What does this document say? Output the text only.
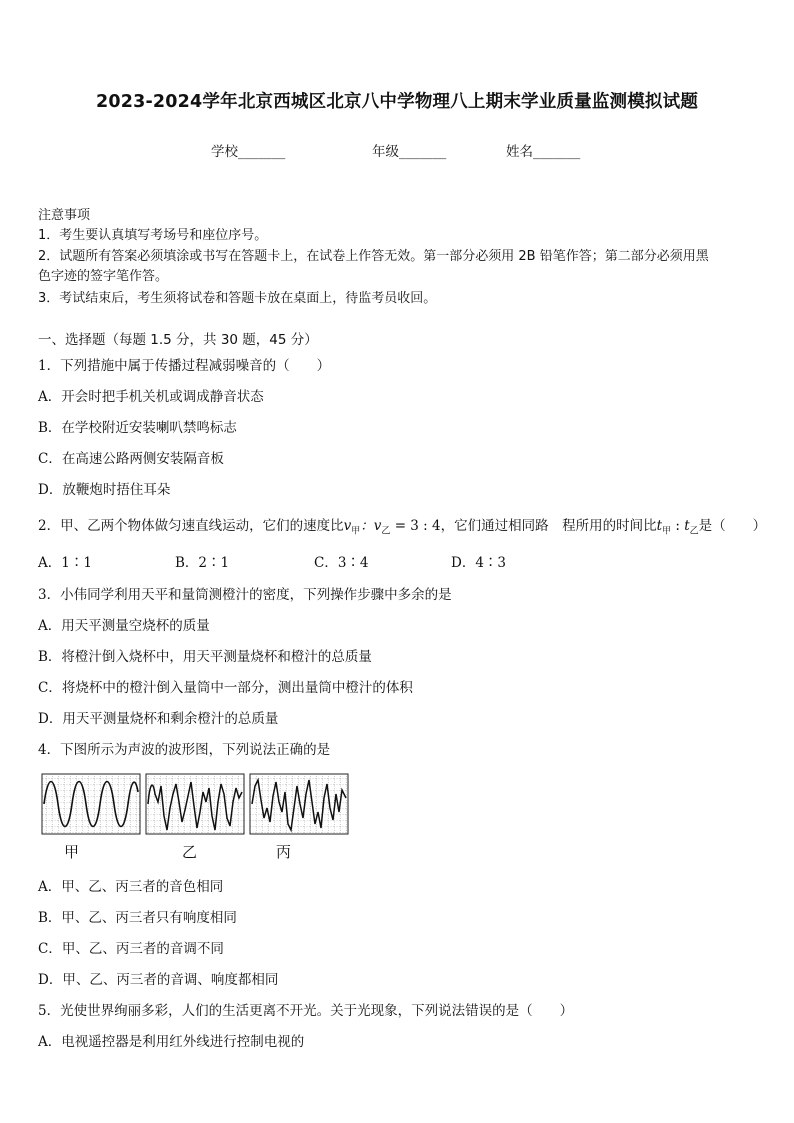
2023-2024学年北京西城区北京八中学物理八上期末学业质量监测模拟试题
学校_______	年级_______	姓名_______
注意事项
1．考生要认真填写考场号和座位序号。
2．试题所有答案必须填涂或书写在答题卡上，在试卷上作答无效。第一部分必须用 2B 铅笔作答；第二部分必须用黑
色字迹的签字笔作答。
3．考试结束后，考生须将试卷和答题卡放在桌面上，待监考员收回。
一、选择题（每题 1.5 分，共 30 题，45 分）
1．下列措施中属于传播过程减弱噪音的（　　）
A．开会时把手机关机或调成静音状态
B．在学校附近安装喇叭禁鸣标志
C．在高速公路两侧安装隔音板
D．放鞭炮时捂住耳朵
2．甲、乙两个物体做匀速直线运动，它们的速度比$v_甲$：$v_乙 = 3$ : 4，它们通过相同路　程所用的时间比$t_甲$ : $t_乙$是（　　）
A．1∶1	B．2∶1	C．3∶4	D．4∶3
3．小伟同学利用天平和量筒测橙汁的密度，下列操作步骤中多余的是
A．用天平测量空烧杯的质量
B．将橙汁倒入烧杯中，用天平测量烧杯和橙汁的总质量
C．将烧杯中的橙汁倒入量筒中一部分，测出量筒中橙汁的体积
D．用天平测量烧杯和剩余橙汁的总质量
4．下图所示为声波的波形图，下列说法正确的是
甲	乙	丙
A．甲、乙、丙三者的音色相同
B．甲、乙、丙三者只有响度相同
C．甲、乙、丙三者的音调不同
D．甲、乙、丙三者的音调、响度都相同
5．光使世界绚丽多彩，人们的生活更离不开光。关于光现象，下列说法错误的是（　　）
A．电视遥控器是利用红外线进行控制电视的
